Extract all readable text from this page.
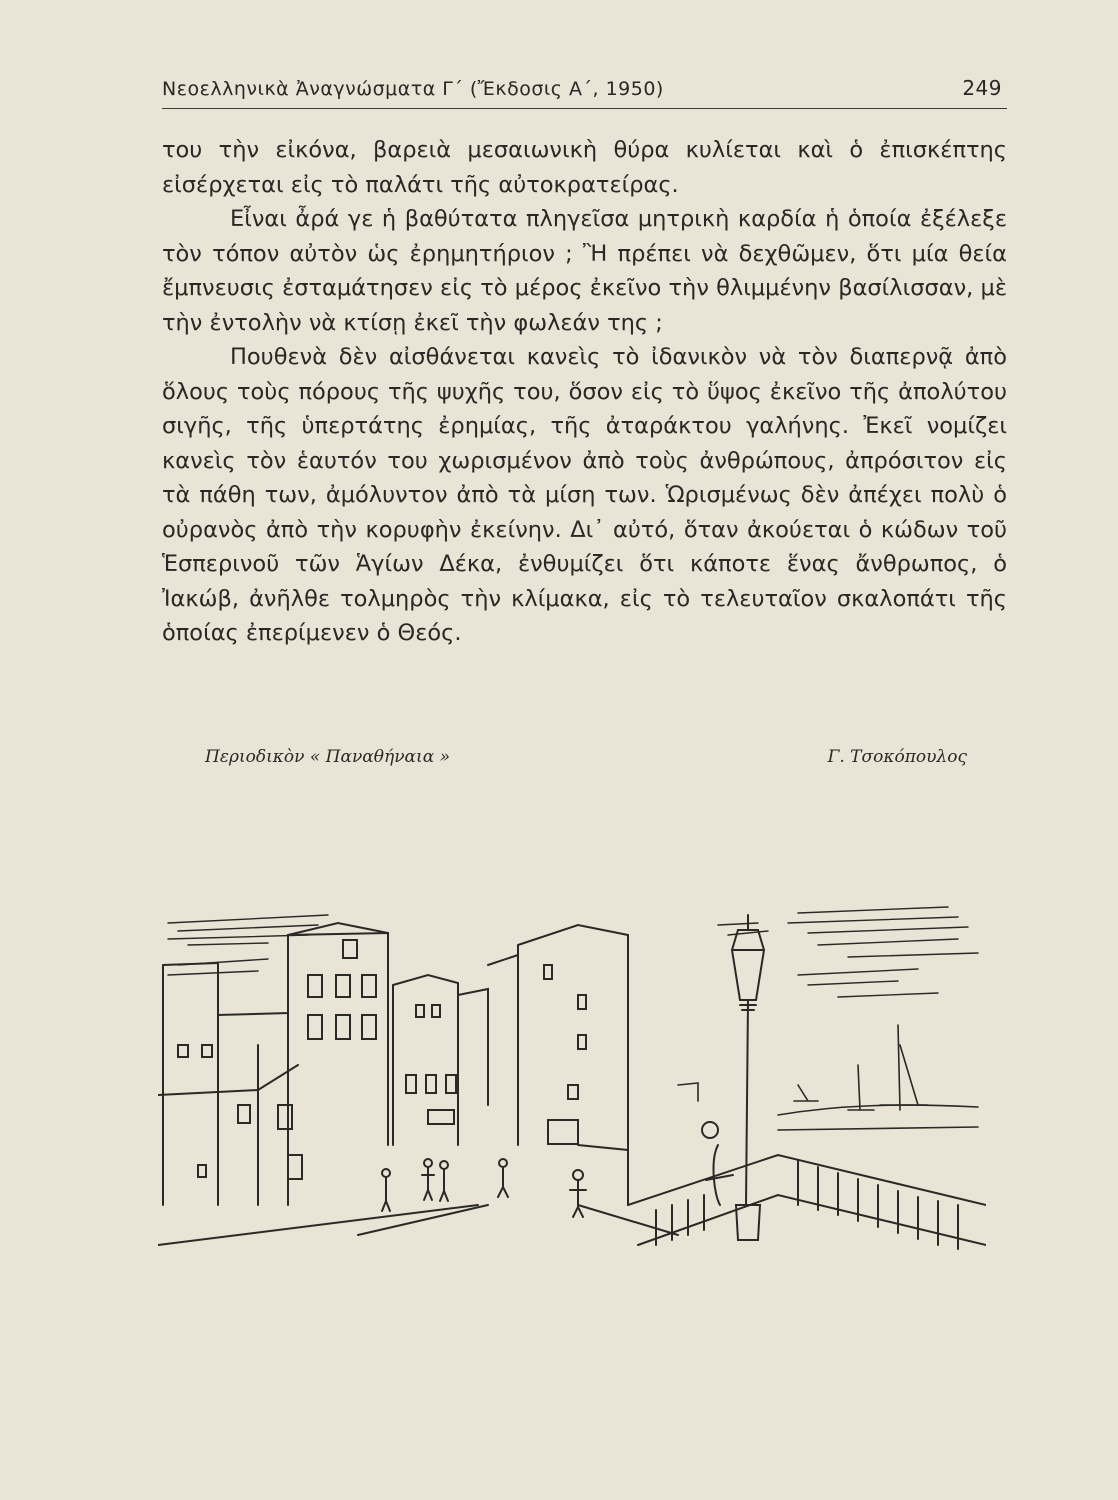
Νεοελληνικὰ Ἀναγνώσματα Γ΄ (Ἔκδοσις Α΄, 1950)	249

του τὴν εἰκόνα, βαρειὰ μεσαιωνικὴ θύρα κυλίεται καὶ ὁ ἐπισκέπτης εἰσέρχεται εἰς τὸ παλάτι τῆς αὐτοκρατείρας.

Εἶναι ἆρά γε ἡ βαθύτατα πληγεῖσα μητρικὴ καρδία ἡ ὁποία ἐξέλεξε τὸν τόπον αὐτὸν ὡς ἐρημητήριον ; Ἢ πρέπει νὰ δεχθῶμεν, ὅτι μία θεία ἔμπνευσις ἐσταμάτησεν εἰς τὸ μέρος ἐκεῖνο τὴν θλιμμένην βασίλισσαν, μὲ τὴν ἐντολὴν νὰ κτίσῃ ἐκεῖ τὴν φωλεάν της ;

Πουθενὰ δὲν αἰσθάνεται κανεὶς τὸ ἰδανικὸν νὰ τὸν διαπερνᾷ ἀπὸ ὅλους τοὺς πόρους τῆς ψυχῆς του, ὅσον εἰς τὸ ὕψος ἐκεῖνο τῆς ἀπολύτου σιγῆς, τῆς ὑπερτάτης ἐρημίας, τῆς ἀταράκτου γαλήνης. Ἐκεῖ νομίζει κανεὶς τὸν ἑαυτόν του χωρισμένον ἀπὸ τοὺς ἀνθρώπους, ἀπρόσιτον εἰς τὰ πάθη των, ἀμόλυντον ἀπὸ τὰ μίση των. Ὡρισμένως δὲν ἀπέχει πολὺ ὁ οὐρανὸς ἀπὸ τὴν κορυφὴν ἐκείνην. Δι᾿ αὐτό, ὅταν ἀκούεται ὁ κώδων τοῦ Ἑσπερινοῦ τῶν Ἁγίων Δέκα, ἐνθυμίζει ὅτι κάποτε ἕνας ἄνθρωπος, ὁ Ἰακώβ, ἀνῆλθε τολμηρὸς τὴν κλίμακα, εἰς τὸ τελευταῖον σκαλοπάτι τῆς ὁποίας ἐπερίμενεν ὁ Θεός.

Περιοδικὸν « Παναθήναια »	Γ. Τσοκόπουλος
